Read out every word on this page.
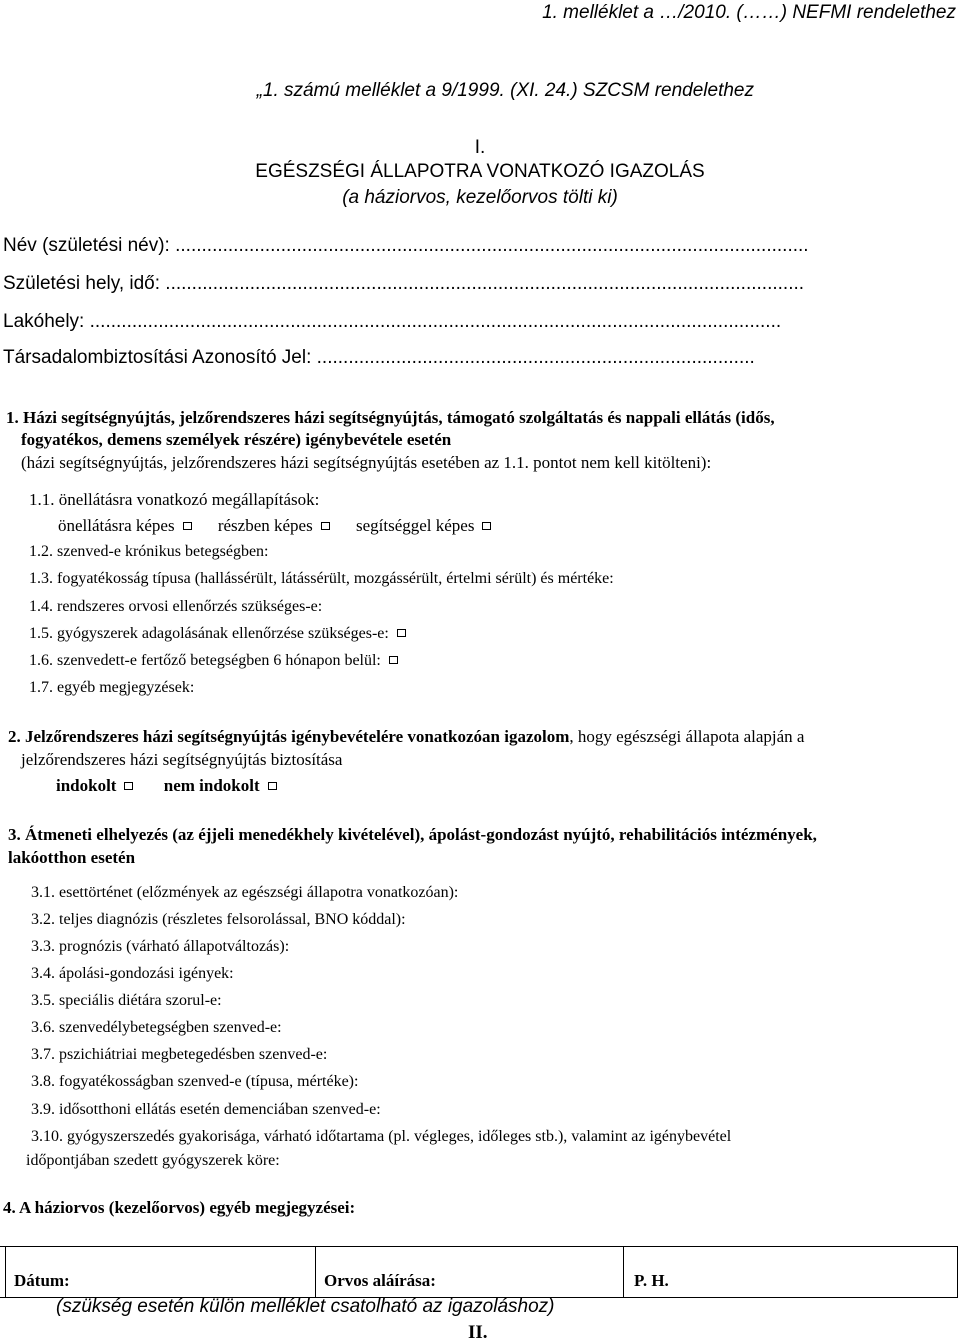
1. melléklet a …/2010. (……) NEFMI rendelethez
„1. számú melléklet a 9/1999. (XI. 24.) SZCSM rendelethez
I.
EGÉSZSÉGI ÁLLAPOTRA VONATKOZÓ IGAZOLÁS
(a háziorvos, kezelőorvos tölti ki)
Név (születési név): ........................................................................................................................
Születési hely, idő: .........................................................................................................................
Lakóhely: ...................................................................................................................................
Társadalombiztosítási Azonosító Jel: ...................................................................................
1. Házi segítségnyújtás, jelzőrendszeres házi segítségnyújtás, támogató szolgáltatás és nappali ellátás (idős,
fogyatékos, demens személyek részére) igénybevétele esetén
(házi segítségnyújtás, jelzőrendszeres házi segítségnyújtás esetében az 1.1. pontot nem kell kitölteni):
1.1. önellátásra vonatkozó megállapítások:
önellátásra képes	részben képes	segítséggel képes
1.2. szenved-e krónikus betegségben:
1.3. fogyatékosság típusa (hallássérült, látássérült, mozgássérült, értelmi sérült) és mértéke:
1.4. rendszeres orvosi ellenőrzés szükséges-e:
1.5. gyógyszerek adagolásának ellenőrzése szükséges-e:
1.6. szenvedett-e fertőző betegségben 6 hónapon belül:
1.7. egyéb megjegyzések:
2. Jelzőrendszeres házi segítségnyújtás igénybevételére vonatkozóan igazolom, hogy egészségi állapota alapján a
jelzőrendszeres házi segítségnyújtás biztosítása
indokolt	nem indokolt
3. Átmeneti elhelyezés (az éjjeli menedékhely kivételével), ápolást-gondozást nyújtó, rehabilitációs intézmények,
lakóotthon esetén
3.1. esettörténet (előzmények az egészségi állapotra vonatkozóan):
3.2. teljes diagnózis (részletes felsorolással, BNO kóddal):
3.3. prognózis (várható állapotváltozás):
3.4. ápolási-gondozási igények:
3.5. speciális diétára szorul-e:
3.6. szenvedélybetegségben szenved-e:
3.7. pszichiátriai megbetegedésben szenved-e:
3.8. fogyatékosságban szenved-e (típusa, mértéke):
3.9. idősotthoni ellátás esetén demenciában szenved-e:
3.10. gyógyszerszedés gyakorisága, várható időtartama (pl. végleges, időleges stb.), valamint az igénybevétel
időpontjában szedett gyógyszerek köre:
4. A háziorvos (kezelőorvos) egyéb megjegyzései:
Dátum:	Orvos aláírása:	P. H.
(szükség esetén külön melléklet csatolható az igazoláshoz)
II.
